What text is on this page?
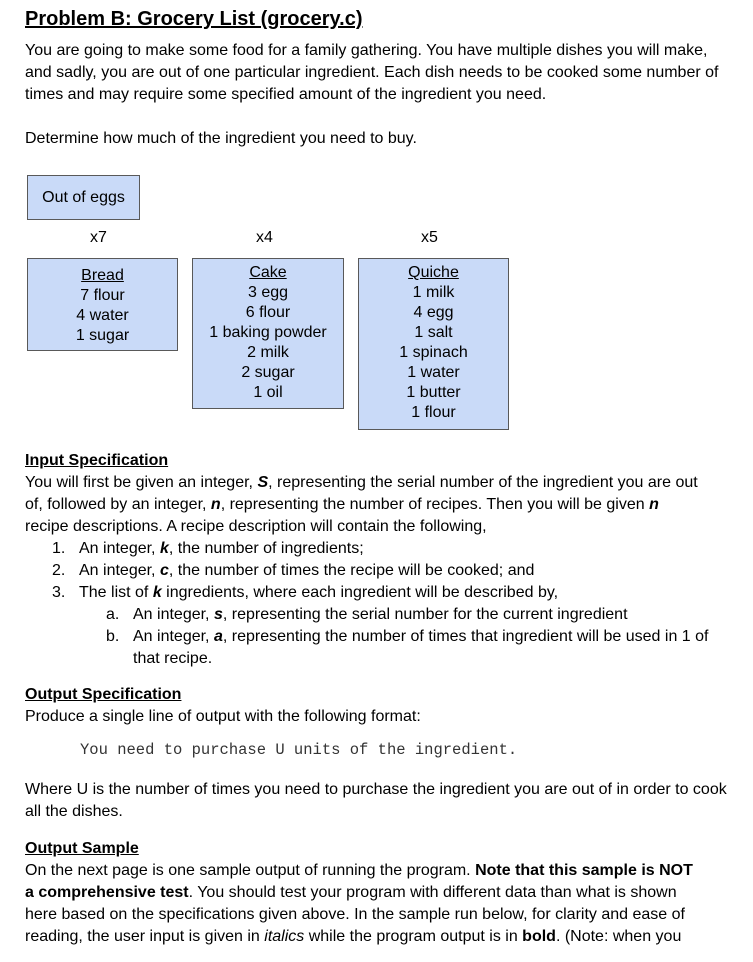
Problem B: Grocery List (grocery.c)

You are going to make some food for a family gathering. You have multiple dishes you will make, and sadly, you are out of one particular ingredient. Each dish needs to be cooked some number of times and may require some specified amount of the ingredient you need.

Determine how much of the ingredient you need to buy.

Out of eggs
x7	x4	x5
Bread
7 flour
4 water
1 sugar
Cake
3 egg
6 flour
1 baking powder
2 milk
2 sugar
1 oil
Quiche
1 milk
4 egg
1 salt
1 spinach
1 water
1 butter
1 flour
Input Specification
You will first be given an integer, S, representing the serial number of the ingredient you are out
of, followed by an integer, n, representing the number of recipes. Then you will be given n
recipe descriptions. A recipe description will contain the following,
1. An integer, k, the number of ingredients;
2. An integer, c, the number of times the recipe will be cooked; and
3. The list of k ingredients, where each ingredient will be described by,
a. An integer, s, representing the serial number for the current ingredient
b. An integer, a, representing the number of times that ingredient will be used in 1 of
that recipe.
Output Specification
Produce a single line of output with the following format:
You need to purchase U units of the ingredient.

Where U is the number of times you need to purchase the ingredient you are out of in order to cook all the dishes.

Output Sample
On the next page is one sample output of running the program. Note that this sample is NOT
a comprehensive test. You should test your program with different data than what is shown
here based on the specifications given above. In the sample run below, for clarity and ease of
reading, the user input is given in italics while the program output is in bold. (Note: when you
